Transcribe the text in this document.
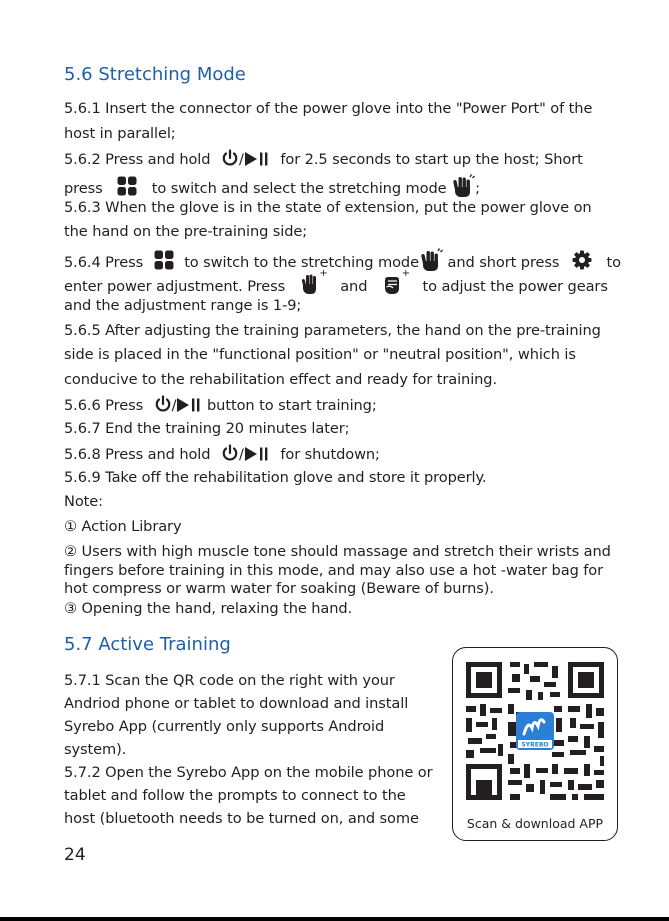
5.6 Stretching Mode
5.6.1 Insert the connector of the power glove into the "Power Port" of the
host in parallel;
5.6.2 Press and hold /	for 2.5 seconds to start up the host; Short
press	to switch and select the stretching mode ;
5.6.3 When the glove is in the state of extension, put the power glove on
the hand on the pre-training side;
5.6.4 Press	to switch to the stretching mode and short press	to
enter power adjustment. Press
+
and
+
to adjust the power gears
and the adjustment range is 1-9;
5.6.5 After adjusting the training parameters, the hand on the pre-training
side is placed in the "functional position" or "neutral position", which is
conducive to the rehabilitation effect and ready for training.
5.6.6 Press / button to start training;
5.6.7 End the training 20 minutes later;
5.6.8 Press and hold /	for shutdown;
5.6.9 Take off the rehabilitation glove and store it properly.
Note:
① Action Library
② Users with high muscle tone should massage and stretch their wrists and
fingers before training in this mode, and may also use a hot -water bag for
hot compress or warm water for soaking (Beware of burns).
③ Opening the hand, relaxing the hand.
5.7 Active Training
5.7.1 Scan the QR code on the right with your
Andriod phone or tablet to download and install
Syrebo App (currently only supports Android
system).
5.7.2 Open the Syrebo App on the mobile phone or
tablet and follow the prompts to connect to the
host (bluetooth needs to be turned on, and some
SYREBO
Scan & download APP
24
